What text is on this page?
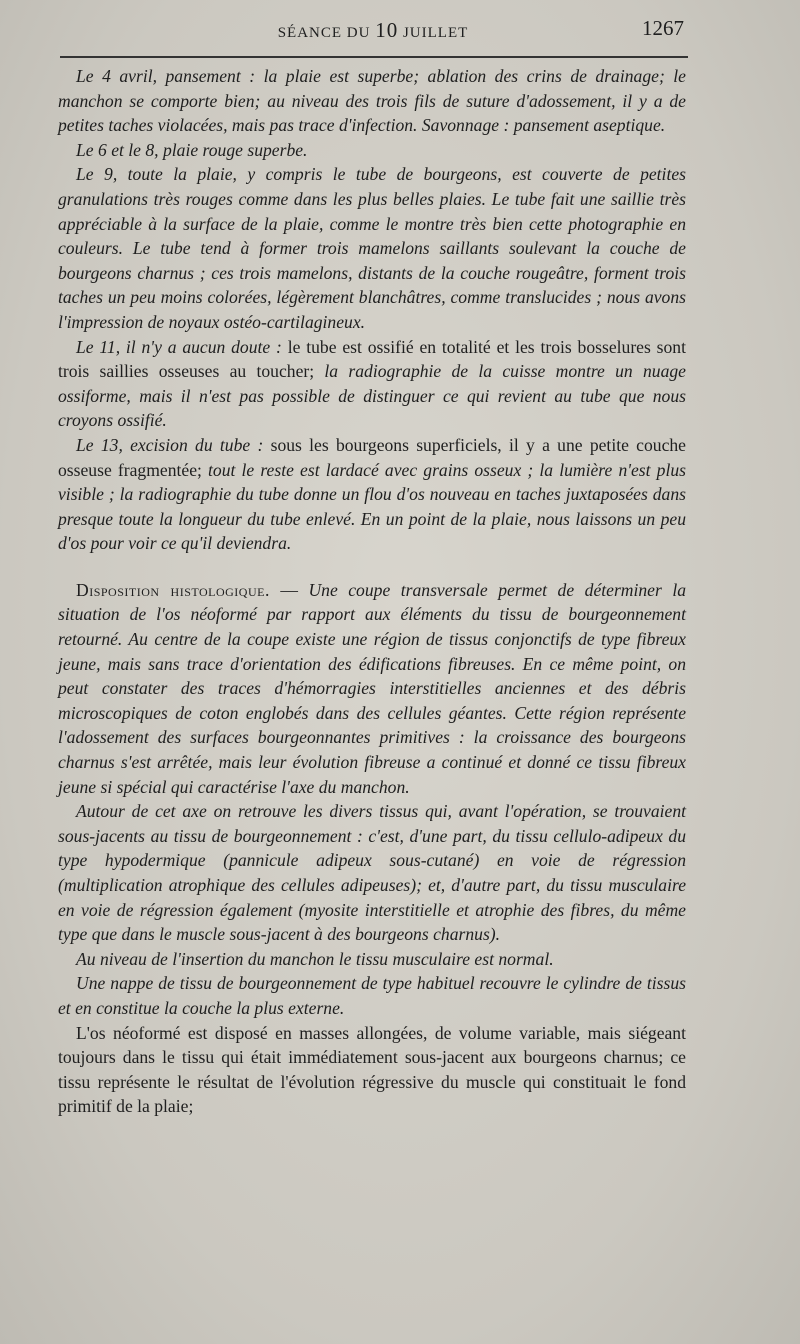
SÉANCE DU 10 JUILLET	1267

Le 4 avril, pansement : la plaie est superbe; ablation des crins de drainage; le manchon se comporte bien; au niveau des trois fils de suture d'adossement, il y a de petites taches violacées, mais pas trace d'infection. Savonnage : pansement aseptique.

Le 6 et le 8, plaie rouge superbe.

Le 9, toute la plaie, y compris le tube de bourgeons, est couverte de petites granulations très rouges comme dans les plus belles plaies. Le tube fait une saillie très appréciable à la surface de la plaie, comme le montre très bien cette photographie en couleurs. Le tube tend à former trois mamelons saillants soulevant la couche de bourgeons charnus ; ces trois mamelons, distants de la couche rougeâtre, forment trois taches un peu moins colorées, légèrement blanchâtres, comme translucides ; nous avons l'impression de noyaux ostéo-cartilagineux.

Le 11, il n'y a aucun doute : le tube est ossifié en totalité et les trois bosselures sont trois saillies osseuses au toucher; la radiographie de la cuisse montre un nuage ossiforme, mais il n'est pas possible de distinguer ce qui revient au tube que nous croyons ossifié.

Le 13, excision du tube : sous les bourgeons superficiels, il y a une petite couche osseuse fragmentée; tout le reste est lardacé avec grains osseux ; la lumière n'est plus visible ; la radiographie du tube donne un flou d'os nouveau en taches juxtaposées dans presque toute la longueur du tube enlevé. En un point de la plaie, nous laissons un peu d'os pour voir ce qu'il deviendra.

Disposition histologique. — Une coupe transversale permet de déterminer la situation de l'os néoformé par rapport aux éléments du tissu de bourgeonnement retourné. Au centre de la coupe existe une région de tissus conjonctifs de type fibreux jeune, mais sans trace d'orientation des édifications fibreuses. En ce même point, on peut constater des traces d'hémorragies interstitielles anciennes et des débris microscopiques de coton englobés dans des cellules géantes. Cette région représente l'adossement des surfaces bourgeonnantes primitives : la croissance des bourgeons charnus s'est arrêtée, mais leur évolution fibreuse a continué et donné ce tissu fibreux jeune si spécial qui caractérise l'axe du manchon.

Autour de cet axe on retrouve les divers tissus qui, avant l'opération, se trouvaient sous-jacents au tissu de bourgeonnement : c'est, d'une part, du tissu cellulo-adipeux du type hypodermique (pannicule adipeux sous-cutané) en voie de régression (multiplication atrophique des cellules adipeuses); et, d'autre part, du tissu musculaire en voie de régression également (myosite interstitielle et atrophie des fibres, du même type que dans le muscle sous-jacent à des bourgeons charnus).

Au niveau de l'insertion du manchon le tissu musculaire est normal.

Une nappe de tissu de bourgeonnement de type habituel recouvre le cylindre de tissus et en constitue la couche la plus externe.

L'os néoformé est disposé en masses allongées, de volume variable, mais siégeant toujours dans le tissu qui était immédiatement sous-jacent aux bourgeons charnus; ce tissu représente le résultat de l'évolution régressive du muscle qui constituait le fond primitif de la plaie;
